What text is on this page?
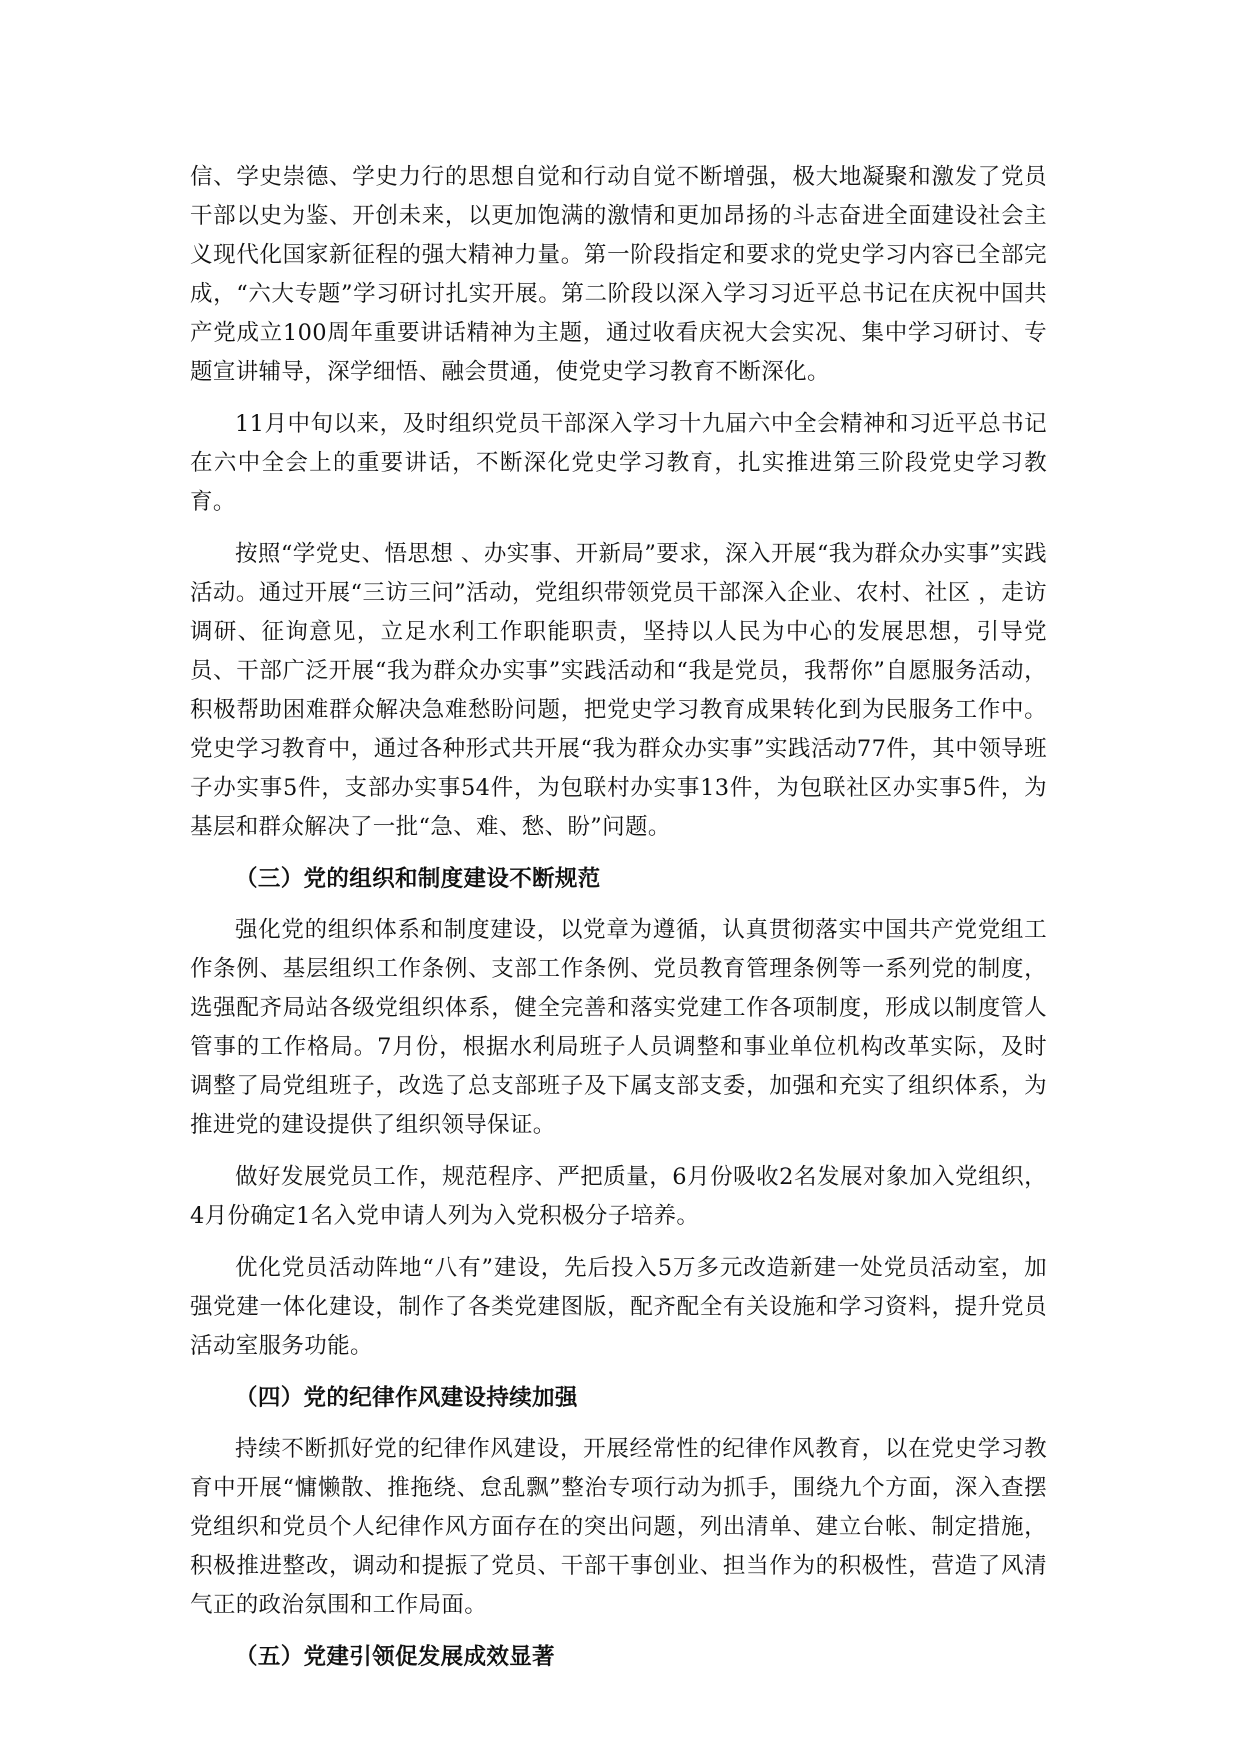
信、学史崇德、学史力行的思想自觉和行动自觉不断增强，极大地凝聚和激发了党员干部以史为鉴、开创未来，以更加饱满的激情和更加昂扬的斗志奋进全面建设社会主义现代化国家新征程的强大精神力量。第一阶段指定和要求的党史学习内容已全部完成，“六大专题”学习研讨扎实开展。第二阶段以深入学习习近平总书记在庆祝中国共产党成立100周年重要讲话精神为主题，通过收看庆祝大会实况、集中学习研讨、专题宣讲辅导，深学细悟、融会贯通，使党史学习教育不断深化。

11月中旬以来，及时组织党员干部深入学习十九届六中全会精神和习近平总书记在六中全会上的重要讲话，不断深化党史学习教育，扎实推进第三阶段党史学习教育。

按照“学党史、悟思想 、办实事、开新局”要求，深入开展“我为群众办实事”实践活动。通过开展“三访三问”活动，党组织带领党员干部深入企业、农村、社区 ，走访调研、征询意见，立足水利工作职能职责，坚持以人民为中心的发展思想，引导党员、干部广泛开展“我为群众办实事”实践活动和“我是党员，我帮你”自愿服务活动，积极帮助困难群众解决急难愁盼问题，把党史学习教育成果转化到为民服务工作中。党史学习教育中，通过各种形式共开展“我为群众办实事”实践活动77件，其中领导班子办实事5件，支部办实事54件，为包联村办实事13件，为包联社区办实事5件，为基层和群众解决了一批“急、难、愁、盼”问题。

（三）党的组织和制度建设不断规范

强化党的组织体系和制度建设，以党章为遵循，认真贯彻落实中国共产党党组工作条例、基层组织工作条例、支部工作条例、党员教育管理条例等一系列党的制度，选强配齐局站各级党组织体系，健全完善和落实党建工作各项制度，形成以制度管人管事的工作格局。7月份，根据水利局班子人员调整和事业单位机构改革实际，及时调整了局党组班子，改选了总支部班子及下属支部支委，加强和充实了组织体系，为推进党的建设提供了组织领导保证。

做好发展党员工作，规范程序、严把质量，6月份吸收2名发展对象加入党组织，4月份确定1名入党申请人列为入党积极分子培养。

优化党员活动阵地“八有”建设，先后投入5万多元改造新建一处党员活动室，加强党建一体化建设，制作了各类党建图版，配齐配全有关设施和学习资料，提升党员活动室服务功能。

（四）党的纪律作风建设持续加强

持续不断抓好党的纪律作风建设，开展经常性的纪律作风教育，以在党史学习教育中开展“慵懒散、推拖绕、怠乱飘”整治专项行动为抓手，围绕九个方面，深入查摆党组织和党员个人纪律作风方面存在的突出问题，列出清单、建立台帐、制定措施，积极推进整改，调动和提振了党员、干部干事创业、担当作为的积极性，营造了风清气正的政治氛围和工作局面。

（五）党建引领促发展成效显著
